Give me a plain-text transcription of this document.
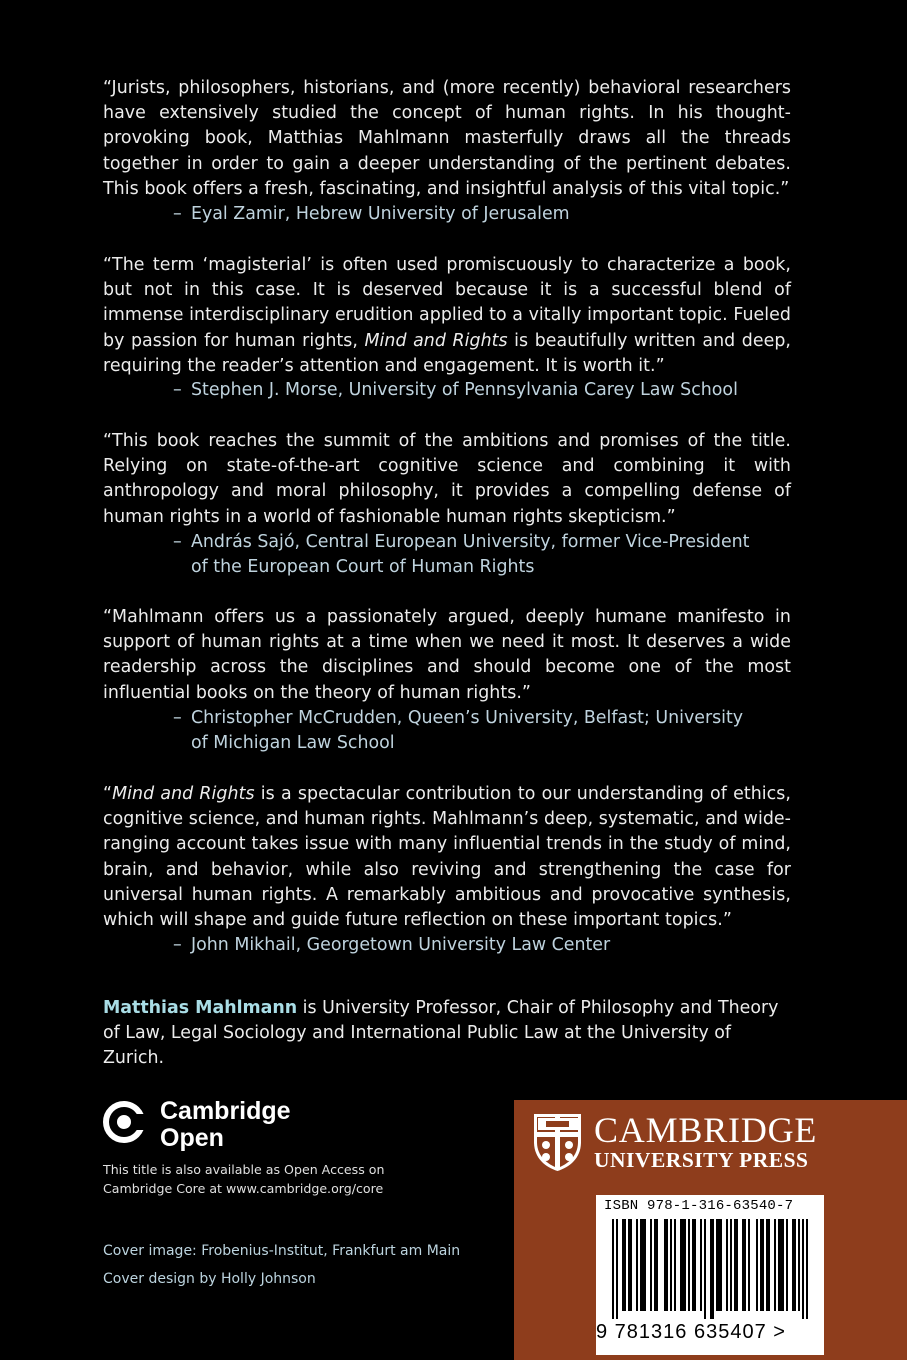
“Jurists, philosophers, historians, and (more recently) behavioral researchers have extensively studied the concept of human rights. In his thought-provoking book, Matthias Mahlmann masterfully draws all the threads together in order to gain a deeper understanding of the pertinent debates. This book offers a fresh, fascinating, and insightful analysis of this vital topic.”
– Eyal Zamir, Hebrew University of Jerusalem
“The term ‘magisterial’ is often used promiscuously to characterize a book, but not in this case. It is deserved because it is a successful blend of immense interdisciplinary erudition applied to a vitally important topic. Fueled by passion for human rights, Mind and Rights is beautifully written and deep, requiring the reader’s attention and engagement. It is worth it.”
– Stephen J. Morse, University of Pennsylvania Carey Law School
“This book reaches the summit of the ambitions and promises of the title. Relying on state-of-the-art cognitive science and combining it with anthropology and moral philosophy, it provides a compelling defense of human rights in a world of fashionable human rights skepticism.”
– András Sajó, Central European University, former Vice-President
of the European Court of Human Rights
“Mahlmann offers us a passionately argued, deeply humane manifesto in support of human rights at a time when we need it most. It deserves a wide readership across the disciplines and should become one of the most influential books on the theory of human rights.”
– Christopher McCrudden, Queen’s University, Belfast; University
of Michigan Law School
“Mind and Rights is a spectacular contribution to our understanding of ethics, cognitive science, and human rights. Mahlmann’s deep, systematic, and wide-ranging account takes issue with many influential trends in the study of mind, brain, and behavior, while also reviving and strengthening the case for universal human rights. A remarkably ambitious and provocative synthesis, which will shape and guide future reflection on these important topics.”
– John Mikhail, Georgetown University Law Center
Matthias Mahlmann is University Professor, Chair of Philosophy and Theory of Law, Legal Sociology and International Public Law at the University of Zurich.
Cambridge
Open
This title is also available as Open Access on
Cambridge Core at www.cambridge.org/core
Cover image: Frobenius-Institut, Frankfurt am Main
Cover design by Holly Johnson
CAMBRIDGE
UNIVERSITY PRESS
ISBN 978-1-316-63540-7
9 781316 635407 >
